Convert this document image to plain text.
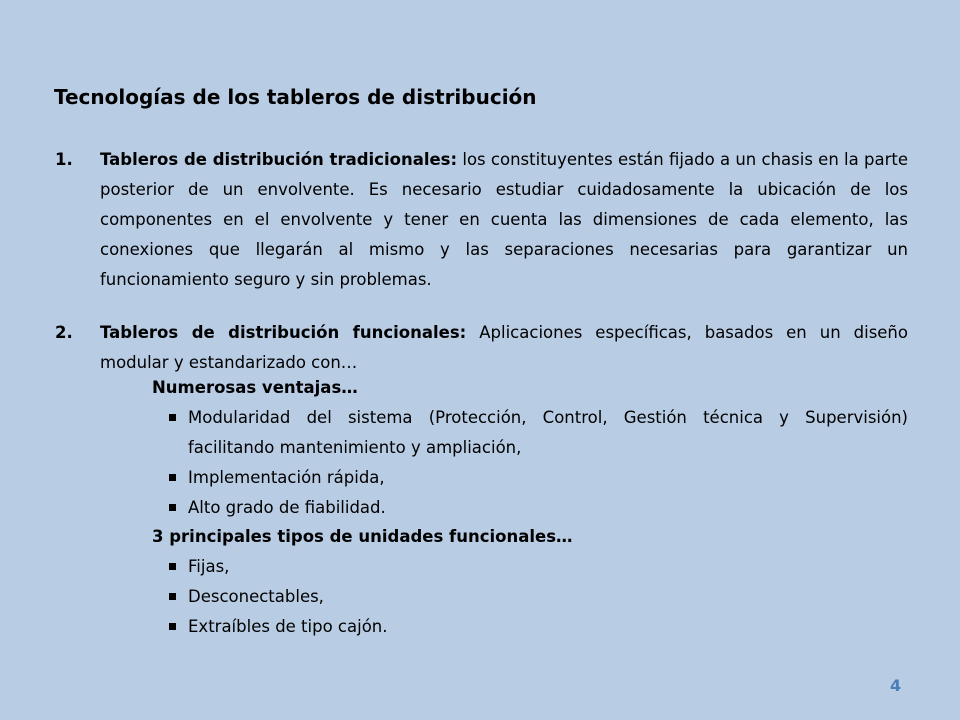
Tecnologías de los tableros de distribución
1. Tableros de distribución tradicionales: los constituyentes están fijado a un chasis en la parte posterior de un envolvente. Es necesario estudiar cuidadosamente la ubicación de los componentes en el envolvente y tener en cuenta las dimensiones de cada elemento, las conexiones que llegarán al mismo y las separaciones necesarias para garantizar un funcionamiento seguro y sin problemas.
2. Tableros de distribución funcionales: Aplicaciones específicas, basados en un diseño modular y estandarizado con…
Numerosas ventajas…
Modularidad del sistema (Protección, Control, Gestión técnica y Supervisión) facilitando mantenimiento y ampliación,
Implementación rápida,
Alto grado de fiabilidad.
3 principales tipos de unidades funcionales…
Fijas,
Desconectables,
Extraíbles de tipo cajón.
4
